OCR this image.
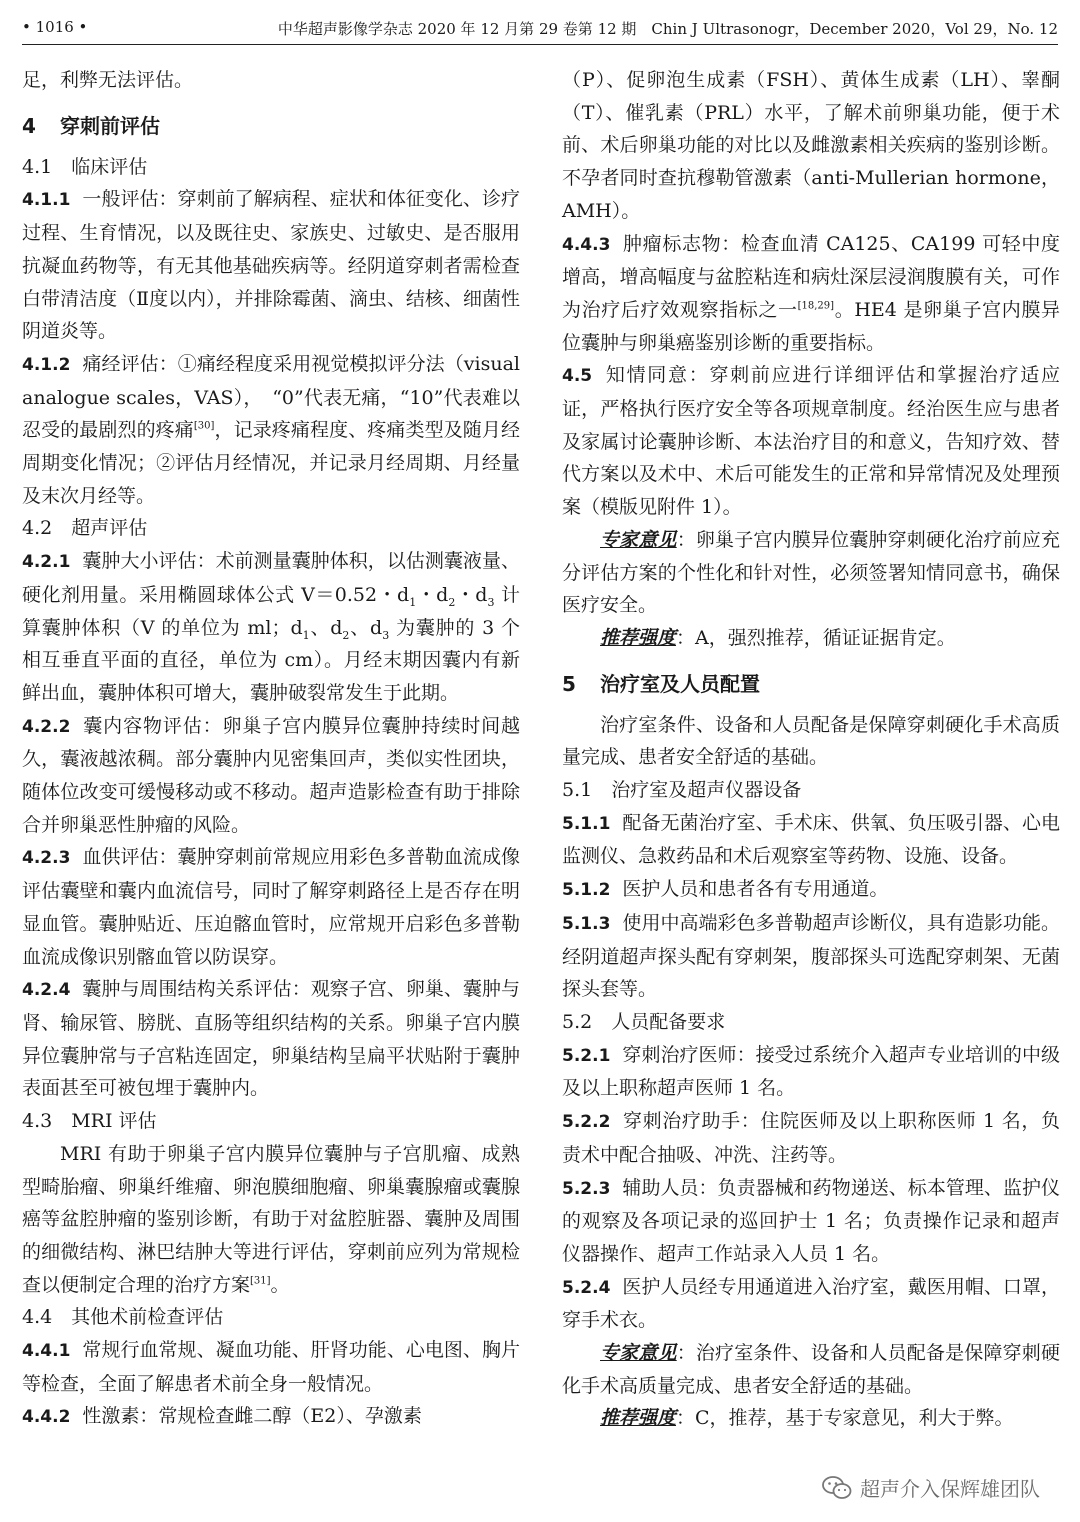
• 1016 •	中华超声影像学杂志 2020 年 12 月第 29 卷第 12 期　Chin J Ultrasonogr，December 2020，Vol 29，No. 12

足，利弊无法评估。

4 穿刺前评估

4.1　临床评估

4.1.1 一般评估：穿刺前了解病程、症状和体征变化、诊疗过程、生育情况，以及既往史、家族史、过敏史、是否服用抗凝血药物等，有无其他基础疾病等。经阴道穿刺者需检查白带清洁度（Ⅱ度以内），并排除霉菌、滴虫、结核、细菌性阴道炎等。

4.1.2 痛经评估：①痛经程度采用视觉模拟评分法（visual analogue scales，VAS），　“0”代表无痛，“10”代表难以忍受的最剧烈的疼痛[30]，记录疼痛程度、疼痛类型及随月经周期变化情况；②评估月经情况，并记录月经周期、月经量及末次月经等。

4.2　超声评估

4.2.1 囊肿大小评估：术前测量囊肿体积，以估测囊液量、硬化剂用量。采用椭圆球体公式 V＝0.52・$d_1$・$d_2$・$d_3$ 计算囊肿体积（V 的单位为 ml；$d_1$、$d_2$、$d_3$ 为囊肿的 3 个相互垂直平面的直径，单位为 cm）。月经末期因囊内有新鲜出血，囊肿体积可增大，囊肿破裂常发生于此期。

4.2.2 囊内容物评估：卵巢子宫内膜异位囊肿持续时间越久，囊液越浓稠。部分囊肿内见密集回声，类似实性团块，随体位改变可缓慢移动或不移动。超声造影检查有助于排除合并卵巢恶性肿瘤的风险。

4.2.3 血供评估：囊肿穿刺前常规应用彩色多普勒血流成像评估囊壁和囊内血流信号，同时了解穿刺路径上是否存在明显血管。囊肿贴近、压迫髂血管时，应常规开启彩色多普勒血流成像识别髂血管以防误穿。

4.2.4 囊肿与周围结构关系评估：观察子宫、卵巢、囊肿与肾、输尿管、膀胱、直肠等组织结构的关系。卵巢子宫内膜异位囊肿常与子宫粘连固定，卵巢结构呈扁平状贴附于囊肿表面甚至可被包埋于囊肿内。

4.3　MRI 评估

MRI 有助于卵巢子宫内膜异位囊肿与子宫肌瘤、成熟型畸胎瘤、卵巢纤维瘤、卵泡膜细胞瘤、卵巢囊腺瘤或囊腺癌等盆腔肿瘤的鉴别诊断，有助于对盆腔脏器、囊肿及周围的细微结构、淋巴结肿大等进行评估，穿刺前应列为常规检查以便制定合理的治疗方案[31]。

4.4　其他术前检查评估

4.4.1 常规行血常规、凝血功能、肝肾功能、心电图、胸片等检查，全面了解患者术前全身一般情况。

4.4.2 性激素：常规检查雌二醇（E2）、孕激素

（P）、促卵泡生成素（FSH）、黄体生成素（LH）、睾酮（T）、催乳素（PRL）水平，了解术前卵巢功能，便于术前、术后卵巢功能的对比以及雌激素相关疾病的鉴别诊断。不孕者同时查抗穆勒管激素（anti-Mullerian hormone，AMH）。

4.4.3 肿瘤标志物：检查血清 CA125、CA199 可轻中度增高，增高幅度与盆腔粘连和病灶深层浸润腹膜有关，可作为治疗后疗效观察指标之一[18,29]。HE4 是卵巢子宫内膜异位囊肿与卵巢癌鉴别诊断的重要指标。

4.5 知情同意：穿刺前应进行详细评估和掌握治疗适应证，严格执行医疗安全等各项规章制度。经治医生应与患者及家属讨论囊肿诊断、本法治疗目的和意义，告知疗效、替代方案以及术中、术后可能发生的正常和异常情况及处理预案（模版见附件 1）。

专家意见：卵巢子宫内膜异位囊肿穿刺硬化治疗前应充分评估方案的个性化和针对性，必须签署知情同意书，确保医疗安全。

推荐强度：A，强烈推荐，循证证据肯定。

5 治疗室及人员配置

治疗室条件、设备和人员配备是保障穿刺硬化手术高质量完成、患者安全舒适的基础。

5.1　治疗室及超声仪器设备

5.1.1 配备无菌治疗室、手术床、供氧、负压吸引器、心电监测仪、急救药品和术后观察室等药物、设施、设备。

5.1.2 医护人员和患者各有专用通道。

5.1.3 使用中高端彩色多普勒超声诊断仪，具有造影功能。经阴道超声探头配有穿刺架，腹部探头可选配穿刺架、无菌探头套等。

5.2　人员配备要求

5.2.1 穿刺治疗医师：接受过系统介入超声专业培训的中级及以上职称超声医师 1 名。

5.2.2 穿刺治疗助手：住院医师及以上职称医师 1 名，负责术中配合抽吸、冲洗、注药等。

5.2.3 辅助人员：负责器械和药物递送、标本管理、监护仪的观察及各项记录的巡回护士 1 名；负责操作记录和超声仪器操作、超声工作站录入人员 1 名。

5.2.4 医护人员经专用通道进入治疗室，戴医用帽、口罩，穿手术衣。

专家意见：治疗室条件、设备和人员配备是保障穿刺硬化手术高质量完成、患者安全舒适的基础。

推荐强度：C，推荐，基于专家意见，利大于弊。

超声介入保辉雄团队
